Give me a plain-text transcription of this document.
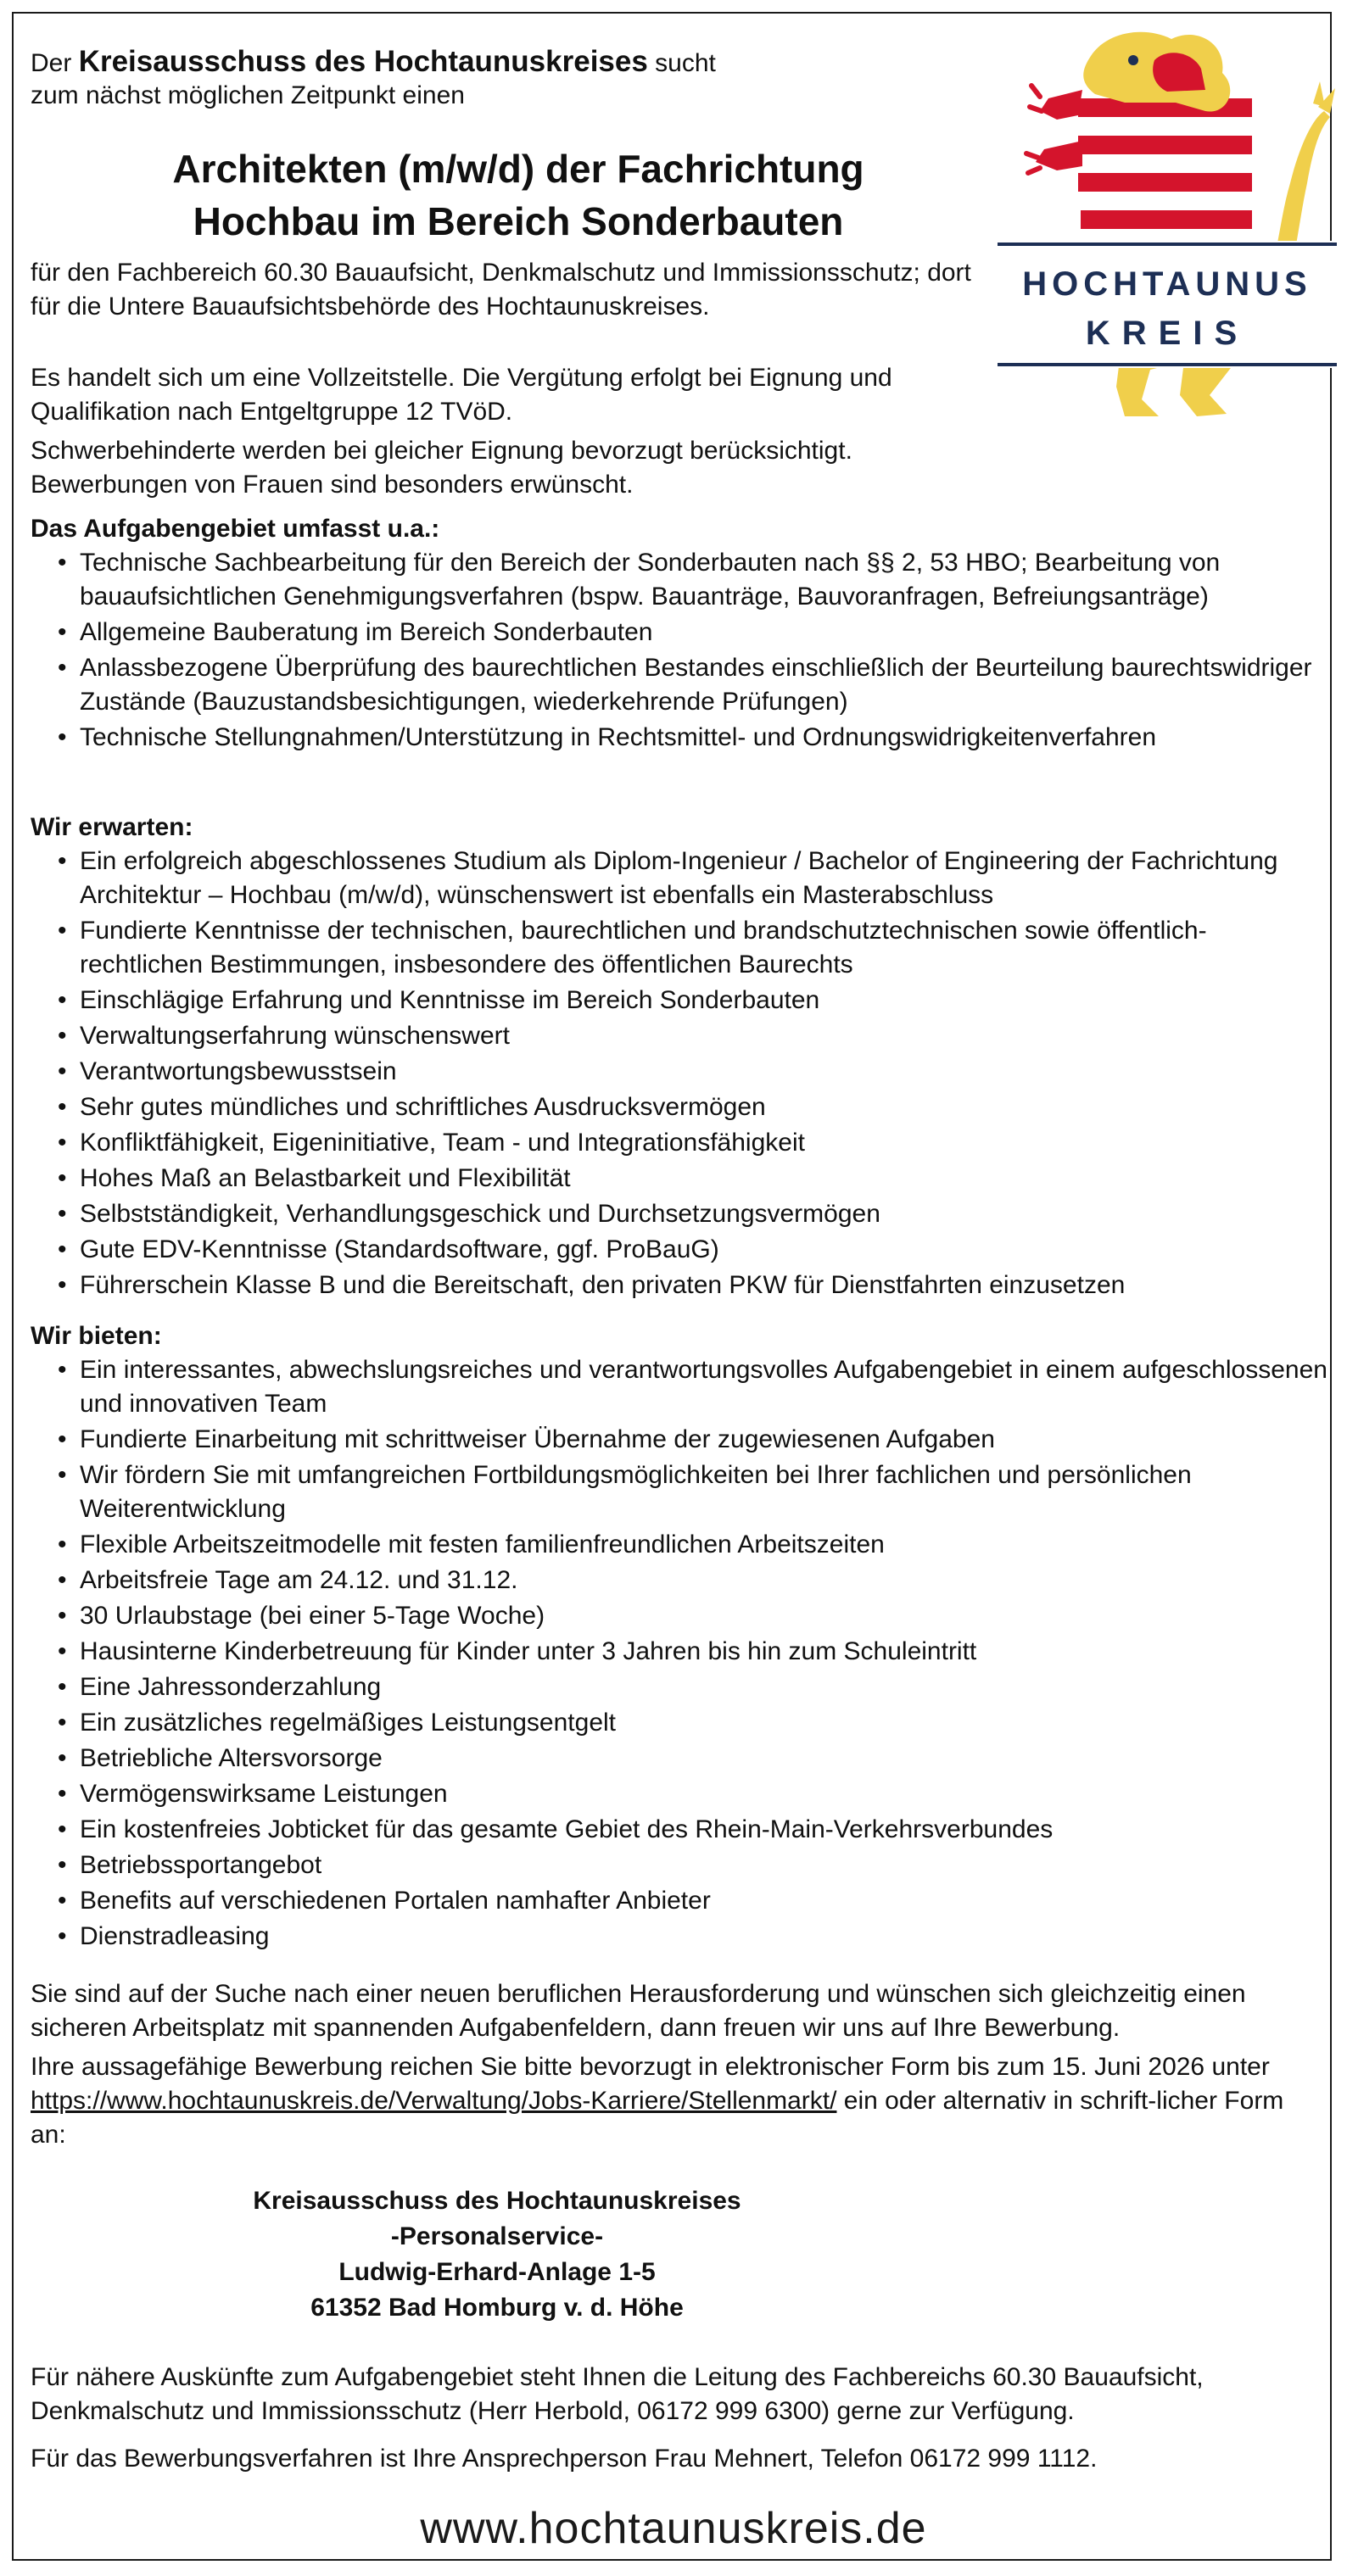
HOCHTAUNUS
KREIS
Der Kreisausschuss des Hochtaunuskreises sucht
zum nächst möglichen Zeitpunkt einen
Architekten (m/w/d) der Fachrichtung
Hochbau im Bereich Sonderbauten
für den Fachbereich 60.30 Bauaufsicht, Denkmalschutz und Immissionsschutz; dort für die Untere Bauaufsichtsbehörde des Hochtaunuskreises.
Es handelt sich um eine Vollzeitstelle. Die Vergütung erfolgt bei Eignung und Qualifikation nach Entgeltgruppe 12 TVöD.
Schwerbehinderte werden bei gleicher Eignung bevorzugt berücksichtigt. Bewerbungen von Frauen sind besonders erwünscht.
Das Aufgabengebiet umfasst u.a.:
• Technische Sachbearbeitung für den Bereich der Sonderbauten nach §§ 2, 53 HBO; Bearbeitung von bauaufsichtlichen Genehmigungsverfahren (bspw. Bauanträge, Bauvoranfragen, Befreiungsanträge)
• Allgemeine Bauberatung im Bereich Sonderbauten
• Anlassbezogene Überprüfung des baurechtlichen Bestandes einschließlich der Beurteilung baurechtswidriger Zustände (Bauzustandsbesichtigungen, wiederkehrende Prüfungen)
• Technische Stellungnahmen/Unterstützung in Rechtsmittel- und Ordnungswidrigkeitenverfahren
Wir erwarten:
• Ein erfolgreich abgeschlossenes Studium als Diplom-Ingenieur / Bachelor of Engineering der Fachrichtung Architektur – Hochbau (m/w/d), wünschenswert ist ebenfalls ein Masterabschluss
• Fundierte Kenntnisse der technischen, baurechtlichen und brandschutztechnischen sowie öffentlich-rechtlichen Bestimmungen, insbesondere des öffentlichen Baurechts
• Einschlägige Erfahrung und Kenntnisse im Bereich Sonderbauten
• Verwaltungserfahrung wünschenswert
• Verantwortungsbewusstsein
• Sehr gutes mündliches und schriftliches Ausdrucksvermögen
• Konfliktfähigkeit, Eigeninitiative, Team - und Integrationsfähigkeit
• Hohes Maß an Belastbarkeit und Flexibilität
• Selbstständigkeit, Verhandlungsgeschick und Durchsetzungsvermögen
• Gute EDV-Kenntnisse (Standardsoftware, ggf. ProBauG)
• Führerschein Klasse B und die Bereitschaft, den privaten PKW für Dienstfahrten einzusetzen
Wir bieten:
• Ein interessantes, abwechslungsreiches und verantwortungsvolles Aufgabengebiet in einem aufgeschlossenen und innovativen Team
• Fundierte Einarbeitung mit schrittweiser Übernahme der zugewiesenen Aufgaben
• Wir fördern Sie mit umfangreichen Fortbildungsmöglichkeiten bei Ihrer fachlichen und persönlichen Weiterentwicklung
• Flexible Arbeitszeitmodelle mit festen familienfreundlichen Arbeitszeiten
• Arbeitsfreie Tage am 24.12. und 31.12.
• 30 Urlaubstage (bei einer 5-Tage Woche)
• Hausinterne Kinderbetreuung für Kinder unter 3 Jahren bis hin zum Schuleintritt
• Eine Jahressonderzahlung
• Ein zusätzliches regelmäßiges Leistungsentgelt
• Betriebliche Altersvorsorge
• Vermögenswirksame Leistungen
• Ein kostenfreies Jobticket für das gesamte Gebiet des Rhein-Main-Verkehrsverbundes
• Betriebssportangebot
• Benefits auf verschiedenen Portalen namhafter Anbieter
• Dienstradleasing
Sie sind auf der Suche nach einer neuen beruflichen Herausforderung und wünschen sich gleichzeitig einen sicheren Arbeitsplatz mit spannenden Aufgabenfeldern, dann freuen wir uns auf Ihre Bewerbung.
Ihre aussagefähige Bewerbung reichen Sie bitte bevorzugt in elektronischer Form bis zum 15. Juni 2026 unter https://www.hochtaunuskreis.de/Verwaltung/Jobs-Karriere/Stellenmarkt/ ein oder alternativ in schrift-licher Form an:
Kreisausschuss des Hochtaunuskreises
-Personalservice-
Ludwig-Erhard-Anlage 1-5
61352 Bad Homburg v. d. Höhe
Für nähere Auskünfte zum Aufgabengebiet steht Ihnen die Leitung des Fachbereichs 60.30 Bauaufsicht, Denkmalschutz und Immissionsschutz (Herr Herbold, 06172 999 6300) gerne zur Verfügung.
Für das Bewerbungsverfahren ist Ihre Ansprechperson Frau Mehnert, Telefon 06172 999 1112.
www.hochtaunuskreis.de
